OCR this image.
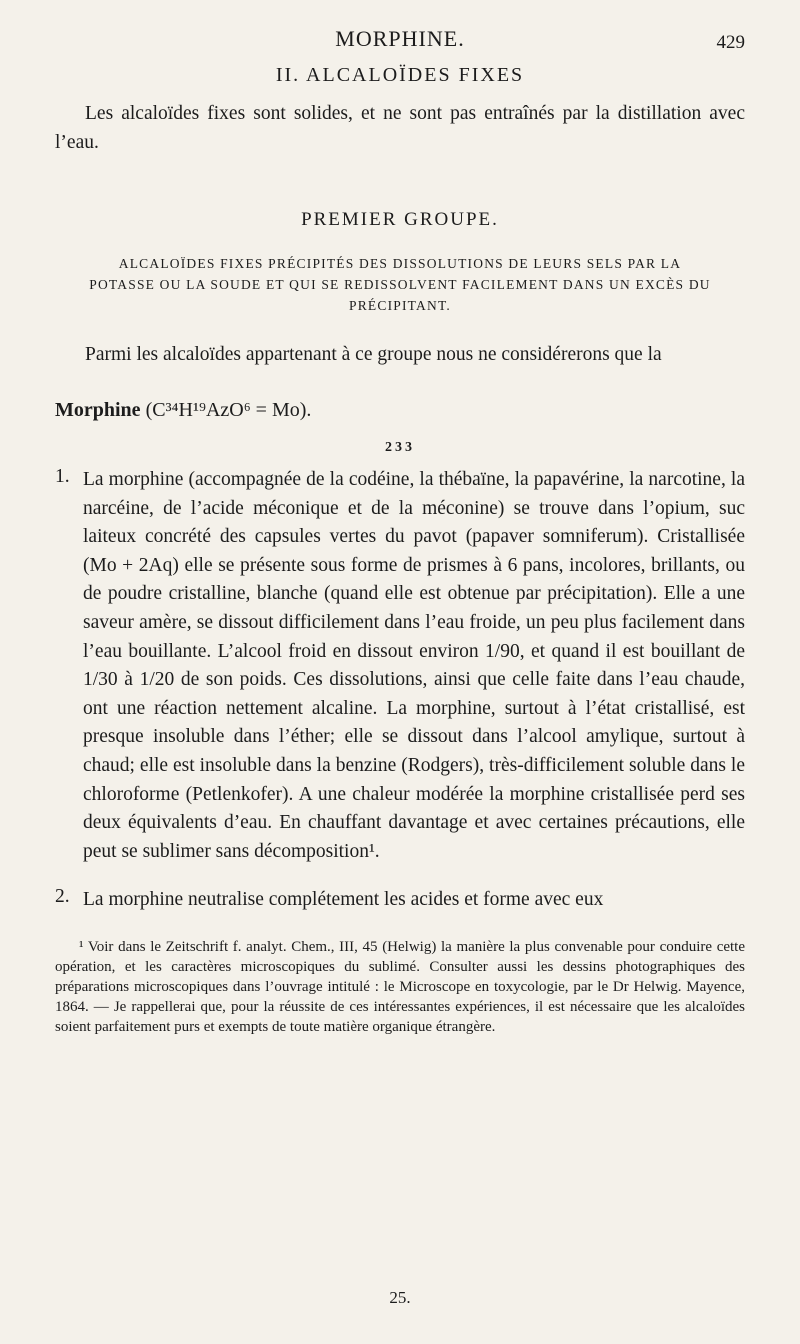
MORPHINE.	429
II. ALCALOÏDES FIXES

Les alcaloïdes fixes sont solides, et ne sont pas entraînés par la distillation avec l’eau.

PREMIER GROUPE.
ALCALOÏDES FIXES PRÉCIPITÉS DES DISSOLUTIONS DE LEURS SELS PAR LA POTASSE OU LA SOUDE ET QUI SE REDISSOLVENT FACILEMENT DANS UN EXCÈS DU PRÉCIPITANT.

Parmi les alcaloïdes appartenant à ce groupe nous ne considérerons que la

Morphine (C³⁴H¹⁹AzO⁶ = Mo).
233
1. La morphine (accompagnée de la codéine, la thébaïne, la papavérine, la narcotine, la narcéine, de l’acide méconique et de la méconine) se trouve dans l’opium, suc laiteux concrété des capsules vertes du pavot (papaver somniferum). Cristallisée (Mo + 2Aq) elle se présente sous forme de prismes à 6 pans, incolores, brillants, ou de poudre cristalline, blanche (quand elle est obtenue par précipitation). Elle a une saveur amère, se dissout difficilement dans l’eau froide, un peu plus facilement dans l’eau bouillante. L’alcool froid en dissout environ 1/90, et quand il est bouillant de 1/30 à 1/20 de son poids. Ces dissolutions, ainsi que celle faite dans l’eau chaude, ont une réaction nettement alcaline. La morphine, surtout à l’état cristallisé, est presque insoluble dans l’éther; elle se dissout dans l’alcool amylique, surtout à chaud; elle est insoluble dans la benzine (Rodgers), très-difficilement soluble dans le chloroforme (Petlenkofer). A une chaleur modérée la morphine cristallisée perd ses deux équivalents d’eau. En chauffant davantage et avec certaines précautions, elle peut se sublimer sans décomposition¹.

2. La morphine neutralise complétement les acides et forme avec eux

¹ Voir dans le Zeitschrift f. analyt. Chem., III, 45 (Helwig) la manière la plus convenable pour conduire cette opération, et les caractères microscopiques du sublimé. Consulter aussi les dessins photographiques des préparations microscopiques dans l’ouvrage intitulé : le Microscope en toxycologie, par le Dr Helwig. Mayence, 1864. — Je rappellerai que, pour la réussite de ces intéressantes expériences, il est nécessaire que les alcaloïdes soient parfaitement purs et exempts de toute matière organique étrangère.
25.
